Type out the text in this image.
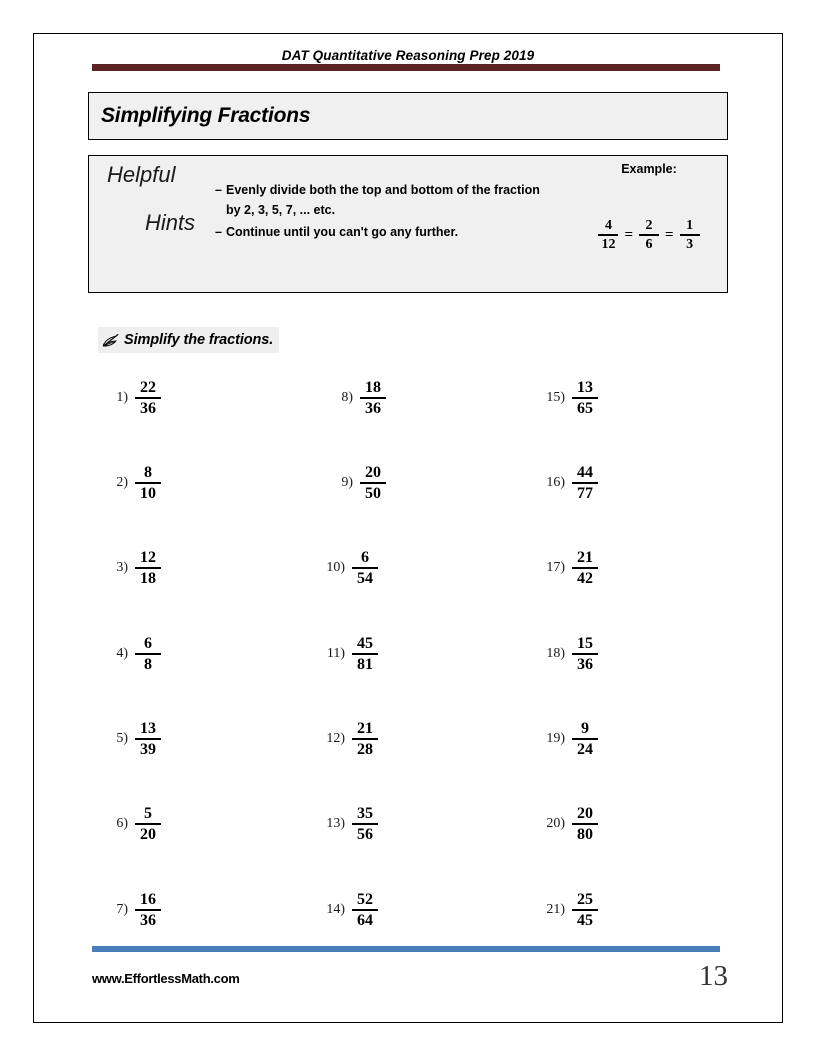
DAT Quantitative Reasoning Prep 2019
Simplifying Fractions
Helpful
Hints
– Evenly divide both the top and bottom of the fraction by 2, 3, 5, 7, ... etc.
– Continue until you can't go any further.
Example:
$\frac{4}{12} = \frac{2}{6} = \frac{1}{3}$
Simplify the fractions.
$1) \frac{22}{36}$
$2) \frac{8}{10}$
$3) \frac{12}{18}$
$4) \frac{6}{8}$
$5) \frac{13}{39}$
$6) \frac{5}{20}$
$7) \frac{16}{36}$
$8) \frac{18}{36}$
$9) \frac{20}{50}$
$10) \frac{6}{54}$
$11) \frac{45}{81}$
$12) \frac{21}{28}$
$13) \frac{35}{56}$
$14) \frac{52}{64}$
$15) \frac{13}{65}$
$16) \frac{44}{77}$
$17) \frac{21}{42}$
$18) \frac{15}{36}$
$19) \frac{9}{24}$
$20) \frac{20}{80}$
$21) \frac{25}{45}$
www.EffortlessMath.com	13
